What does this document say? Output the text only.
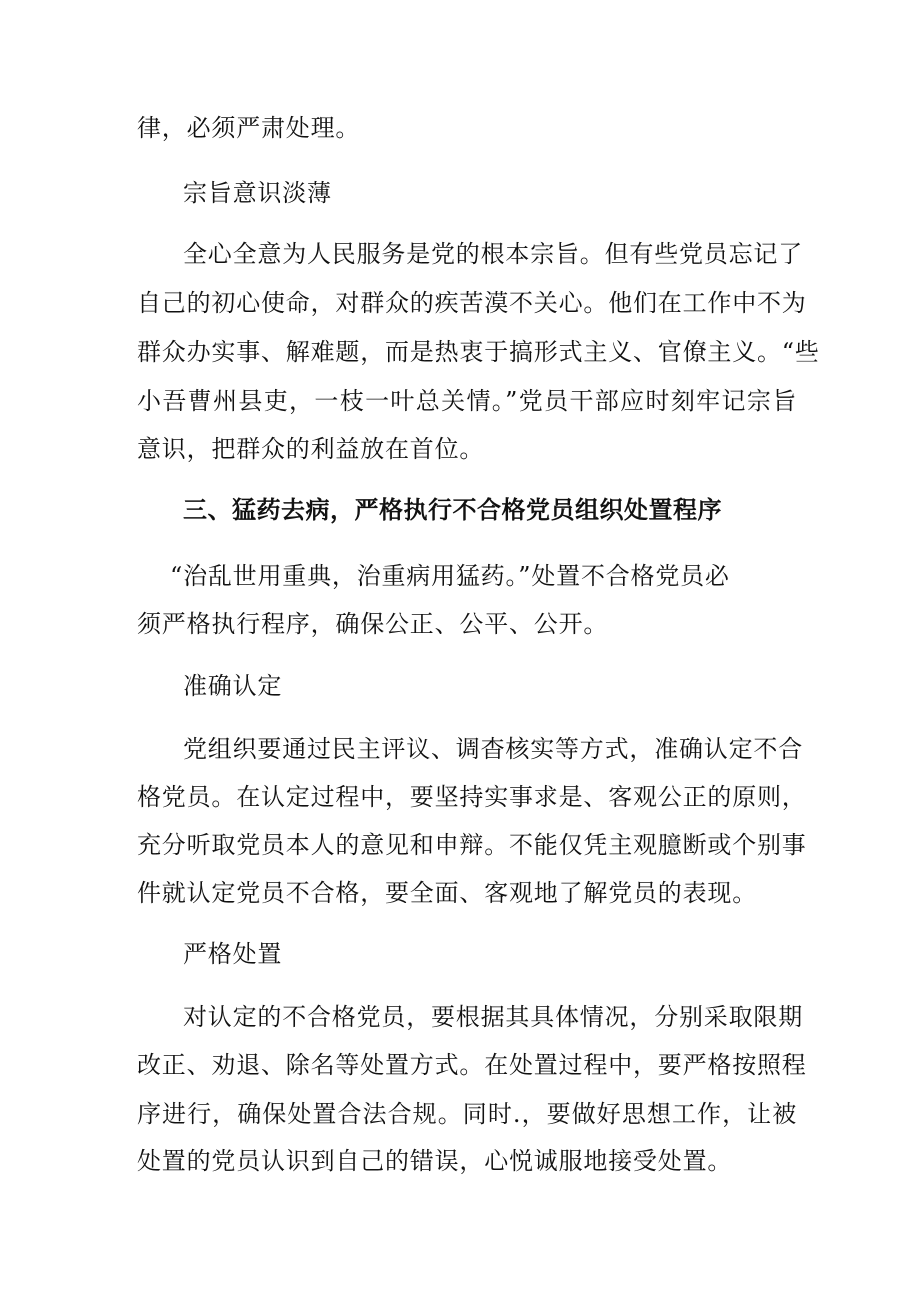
律，必须严肃处理。
宗旨意识淡薄
全心全意为人民服务是党的根本宗旨。但有些党员忘记了
自己的初心使命，对群众的疾苦漠不关心。他们在工作中不为
群众办实事、解难题，而是热衷于搞形式主义、官僚主义。“些
小吾曹州县吏，一枝一叶总关情。”党员干部应时刻牢记宗旨
意识，把群众的利益放在首位。
三、猛药去病，严格执行不合格党员组织处置程序
“治乱世用重典，治重病用猛药。”处置不合格党员必
须严格执行程序，确保公正、公平、公开。
准确认定
党组织要通过民主评议、调杳核实等方式，准确认定不合
格党员。在认定过程中，要坚持实事求是、客观公正的原则，
充分听取党员本人的意见和申辩。不能仅凭主观臆断或个别事
件就认定党员不合格，要全面、客观地了解党员的表现。
严格处置
对认定的不合格党员，要根据其具体情况，分别采取限期
改正、劝退、除名等处置方式。在处置过程中，要严格按照程
序进行，确保处置合法合规。同时.，要做好思想工作，让被
处置的党员认识到自己的错误，心悦诚服地接受处置。
